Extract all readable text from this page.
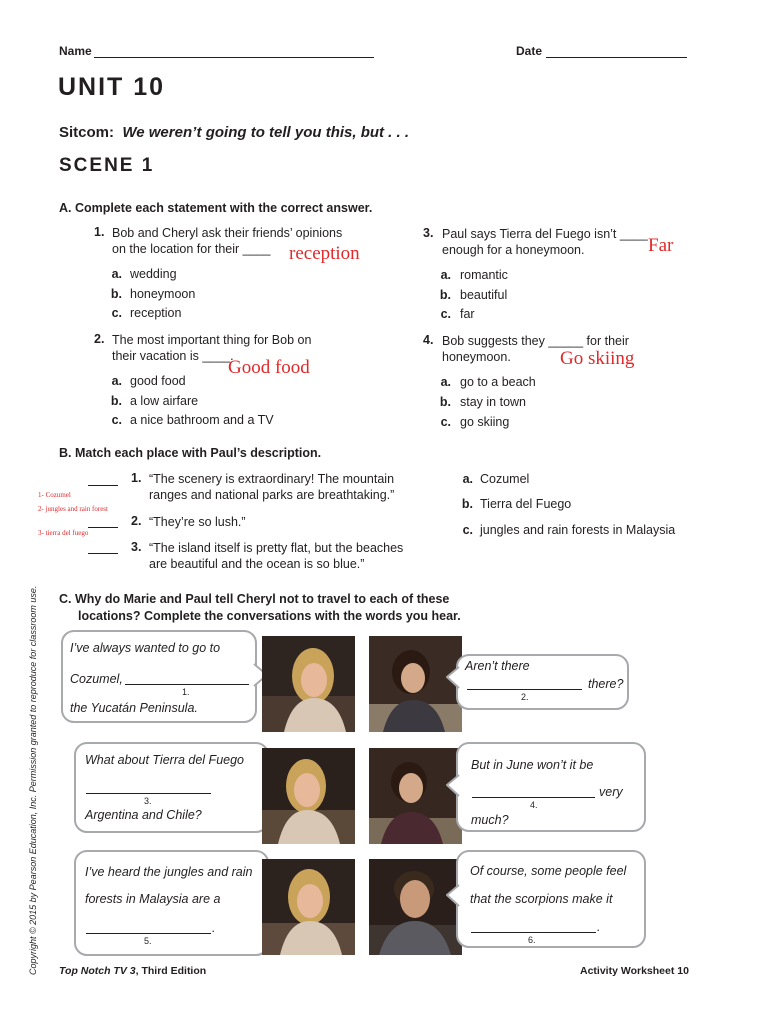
Name	Date
UNIT 10
Sitcom: We weren’t going to tell you this, but . . .
SCENE 1
A. Complete each statement with the correct answer.
1. Bob and Cheryl ask their friends’ opinions
on the location for their ____ reception
a. wedding
b. honeymoon
c. reception
2. The most important thing for Bob on
their vacation is ____.
Good food
a. good food
b. a low airfare
c. a nice bathroom and a TV
3. Paul says Tierra del Fuego isn’t ____
enough for a honeymoon.	Far
a. romantic
b. beautiful
c. far
4. Bob suggests they _____ for their
honeymoon.	Go skiing
a. go to a beach
b. stay in town
c. go skiing
B. Match each place with Paul’s description.
1. “The scenery is extraordinary! The mountain
ranges and national parks are breathtaking.”
2. “They’re so lush.”
3. “The island itself is pretty flat, but the beaches
are beautiful and the ocean is so blue.”
1- Cozumel
2- jungles and rain forest
3- tierra del fuego
a. Cozumel
b. Tierra del Fuego
c. jungles and rain forests in Malaysia
C. Why do Marie and Paul tell Cheryl not to travel to each of these
locations? Complete the conversations with the words you hear.
I’ve always wanted to go to
Cozumel,
1.
the Yucatán Peninsula.
Aren’t there
2.
there?
What about Tierra del Fuego
3.
Argentina and Chile?
But in June won’t it be
4.
very
much?
I’ve heard the jungles and rain
forests in Malaysia are a
.
5.
Of course, some people feel
that the scorpions make it
.
6.
Copyright © 2015 by Pearson Education, Inc. Permission granted to reproduce for classroom use. Top Notch TV 3, Third Edition	Activity Worksheet 10
